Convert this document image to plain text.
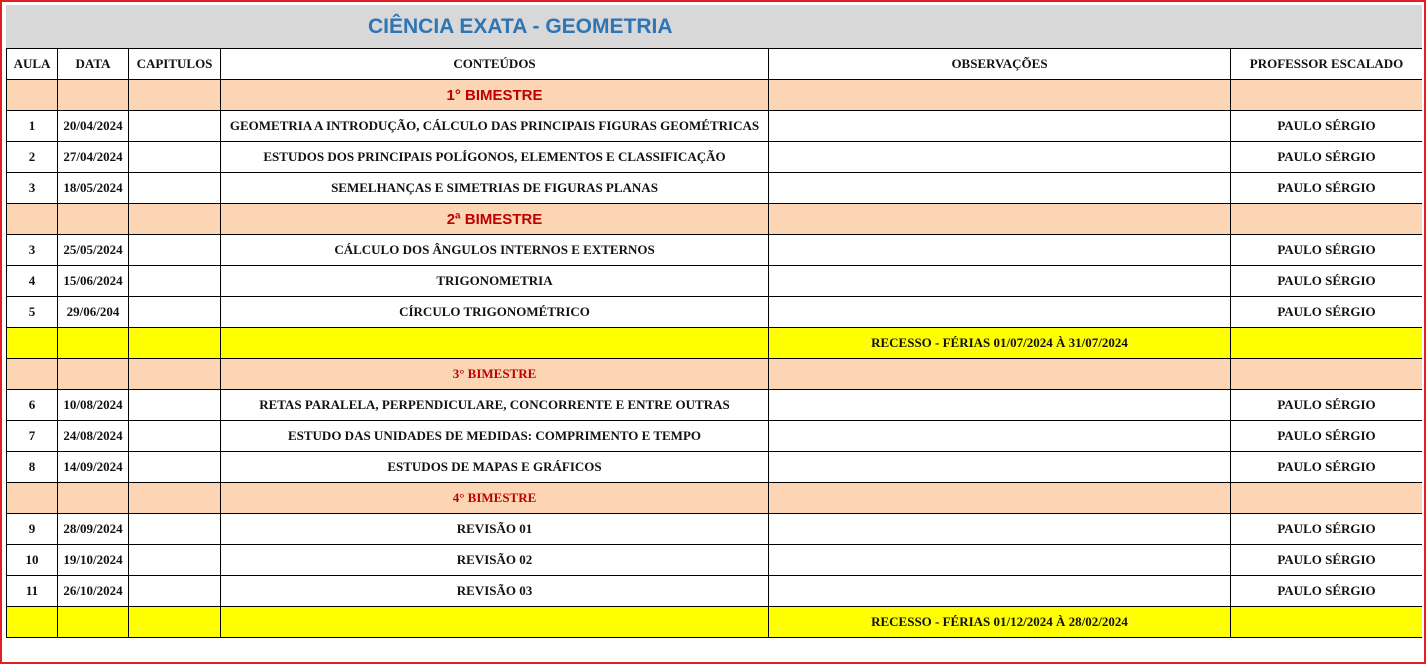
CIÊNCIA EXATA - GEOMETRIA
AULA	DATA	CAPITULOS	CONTEÚDOS	OBSERVAÇÕES	PROFESSOR ESCALADO
			1° BIMESTRE		
1	20/04/2024		GEOMETRIA A INTRODUÇÃO, CÁLCULO DAS PRINCIPAIS FIGURAS GEOMÉTRICAS		PAULO SÉRGIO
2	27/04/2024		ESTUDOS DOS PRINCIPAIS POLÍGONOS, ELEMENTOS E CLASSIFICAÇÃO		PAULO SÉRGIO
3	18/05/2024		SEMELHANÇAS E SIMETRIAS DE FIGURAS PLANAS		PAULO SÉRGIO
			2ª BIMESTRE		
3	25/05/2024		CÁLCULO DOS ÂNGULOS INTERNOS E EXTERNOS		PAULO SÉRGIO
4	15/06/2024		TRIGONOMETRIA		PAULO SÉRGIO
5	29/06/204		CÍRCULO TRIGONOMÉTRICO		PAULO SÉRGIO
				RECESSO - FÉRIAS 01/07/2024 À 31/07/2024	
			3° BIMESTRE		
6	10/08/2024		RETAS PARALELA, PERPENDICULARE, CONCORRENTE E ENTRE OUTRAS		PAULO SÉRGIO
7	24/08/2024		ESTUDO DAS UNIDADES DE MEDIDAS: COMPRIMENTO E TEMPO		PAULO SÉRGIO
8	14/09/2024		ESTUDOS DE MAPAS E GRÁFICOS		PAULO SÉRGIO
			4° BIMESTRE		
9	28/09/2024		REVISÃO 01		PAULO SÉRGIO
10	19/10/2024		REVISÃO 02		PAULO SÉRGIO
11	26/10/2024		REVISÃO 03		PAULO SÉRGIO
				RECESSO - FÉRIAS 01/12/2024 À 28/02/2024	
